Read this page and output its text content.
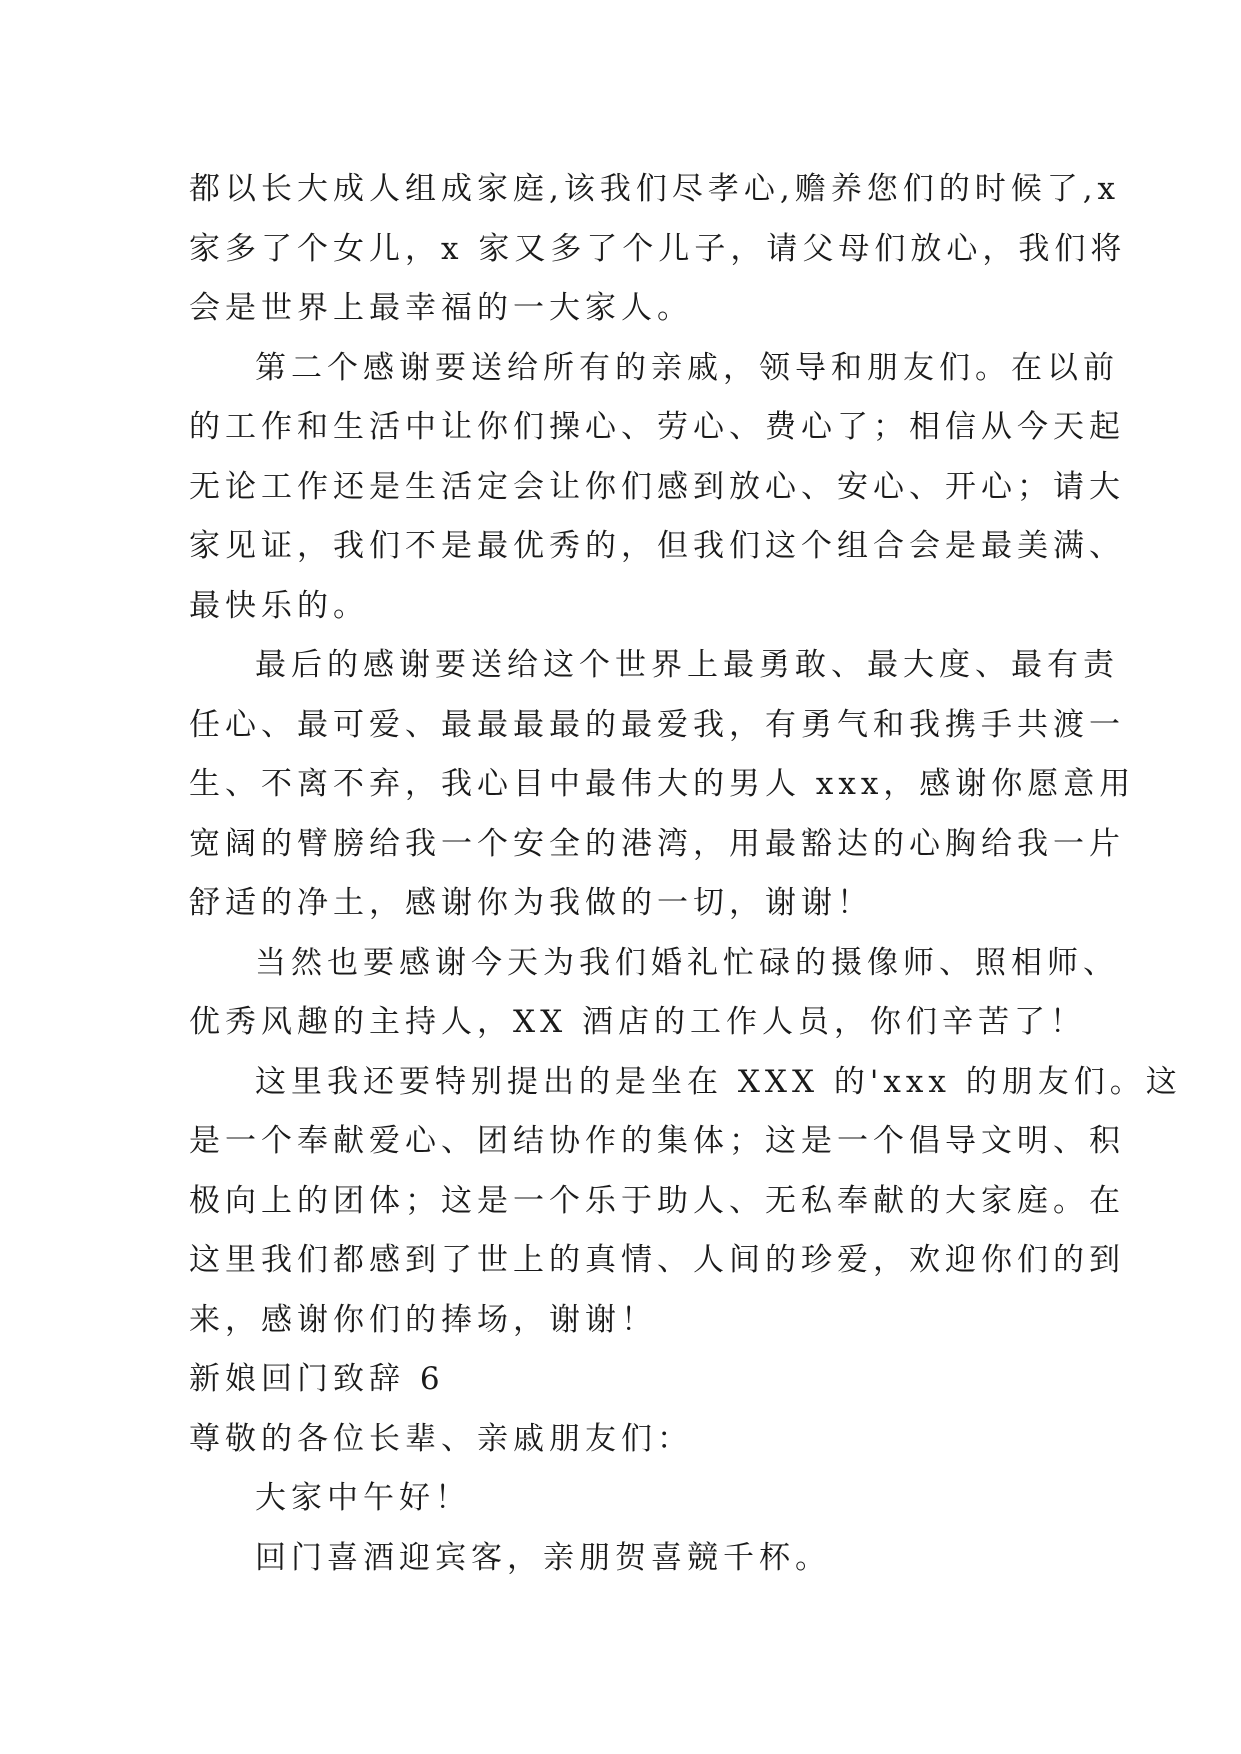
都以长大成人组成家庭,该我们尽孝心,赡养您们的时候了,x
家多了个女儿，x 家又多了个儿子，请父母们放心，我们将
会是世界上最幸福的一大家人。
第二个感谢要送给所有的亲戚，领导和朋友们。在以前
的工作和生活中让你们操心、劳心、费心了；相信从今天起
无论工作还是生活定会让你们感到放心、安心、开心；请大
家见证，我们不是最优秀的，但我们这个组合会是最美满、
最快乐的。
最后的感谢要送给这个世界上最勇敢、最大度、最有责
任心、最可爱、最最最最的最爱我，有勇气和我携手共渡一
生、不离不弃，我心目中最伟大的男人 xxx，感谢你愿意用
宽阔的臂膀给我一个安全的港湾，用最豁达的心胸给我一片
舒适的净土，感谢你为我做的一切，谢谢！
当然也要感谢今天为我们婚礼忙碌的摄像师、照相师、
优秀风趣的主持人，XX 酒店的工作人员，你们辛苦了！
这里我还要特别提出的是坐在 XXX 的'xxx 的朋友们。这
是一个奉献爱心、团结协作的集体；这是一个倡导文明、积
极向上的团体；这是一个乐于助人、无私奉献的大家庭。在
这里我们都感到了世上的真情、人间的珍爱，欢迎你们的到
来，感谢你们的捧场，谢谢！
新娘回门致辞 6
尊敬的各位长辈、亲戚朋友们：
大家中午好！
回门喜酒迎宾客，亲朋贺喜競千杯。
